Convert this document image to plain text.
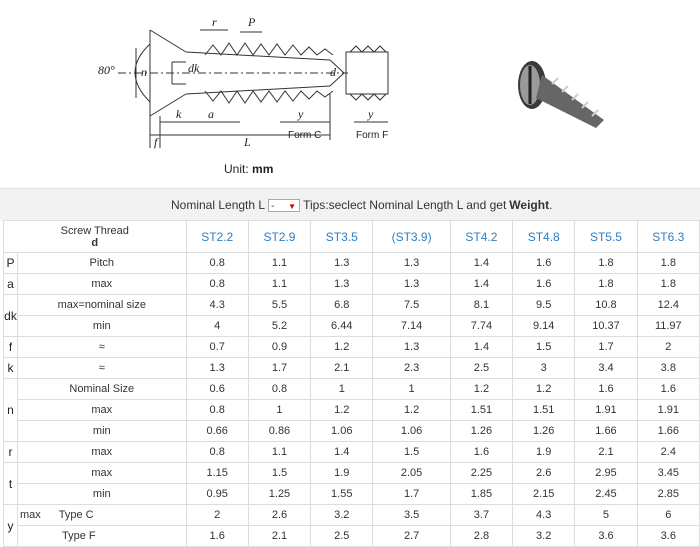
r	P
80° n	dk	d
k a
f	L
y	y
Form C	Form F
Unit: mm
Nominal Length L - ▼ Tips:seclect Nominal Length L and get Weight .
Screw Thread
d		ST2.2	ST2.9	ST3.5	(ST3.9)	ST4.2	ST4.8	ST5.5	ST6.3
P	Pitch	0.8	1.1	1.3	1.3	1.4	1.6	1.8	1.8
a	max	0.8	1.1	1.3	1.3	1.4	1.6	1.8	1.8
dk	max=nominal size	4.3	5.5	6.8	7.5	8.1	9.5	10.8	12.4
	min	4	5.2	6.44	7.14	7.74	9.14	10.37	11.97
f	≈	0.7	0.9	1.2	1.3	1.4	1.5	1.7	2
k	≈	1.3	1.7	2.1	2.3	2.5	3	3.4	3.8
n	Nominal Size	0.6	0.8	1	1	1.2	1.2	1.6	1.6
	max	0.8	1	1.2	1.2	1.51	1.51	1.91	1.91
	min	0.66	0.86	1.06	1.06	1.26	1.26	1.66	1.66
r	max	0.8	1.1	1.4	1.5	1.6	1.9	2.1	2.4
t	max	1.15	1.5	1.9	2.05	2.25	2.6	2.95	3.45
	min	0.95	1.25	1.55	1.7	1.85	2.15	2.45	2.85
y	max Type C	2	2.6	3.2	3.5	3.7	4.3	5	6
	Type F	1.6	2.1	2.5	2.7	2.8	3.2	3.6	3.6
